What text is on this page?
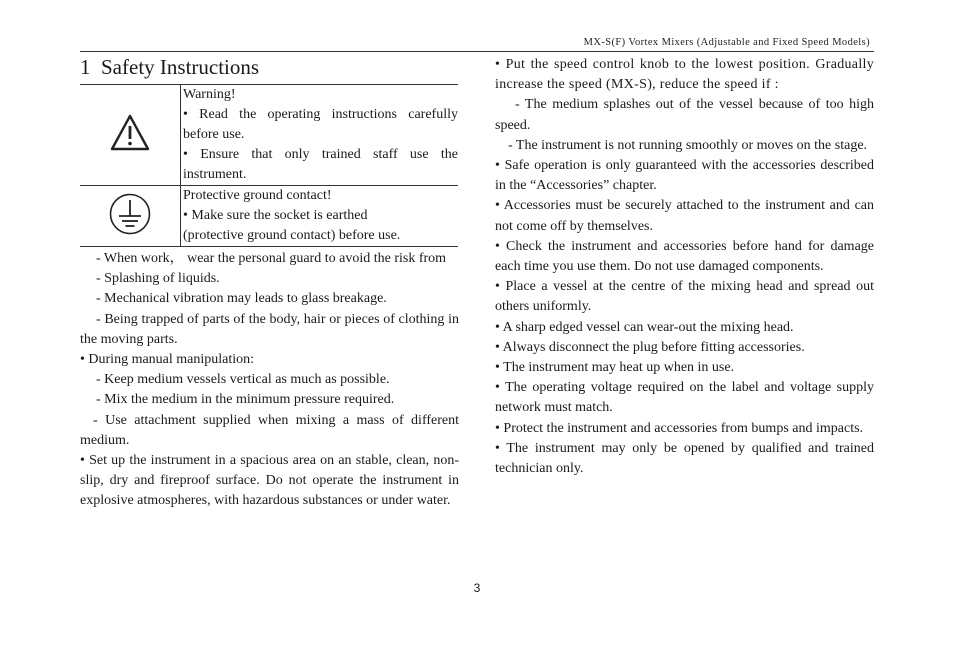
MX-S(F) Vortex Mixers (Adjustable and Fixed Speed Models)
1 Safety Instructions

Warning!
• Read the operating instructions carefully before use.
• Ensure that only trained staff use the instrument.

Protective ground contact!
• Make sure the socket is earthed
(protective ground contact) before use.

- When work， wear the personal guard to avoid the risk from

- Splashing of liquids.

- Mechanical vibration may leads to glass breakage.

- Being trapped of parts of the body, hair or pieces of clothing in the moving parts.

• During manual manipulation:

- Keep medium vessels vertical as much as possible.

- Mix the medium in the minimum pressure required.

- Use attachment supplied when mixing a mass of different medium.

• Set up the instrument in a spacious area on an stable, clean, non-slip, dry and fireproof surface. Do not operate the instrument in explosive atmospheres, with hazardous substances or under water.

• Put the speed control knob to the lowest position. Gradually increase the speed (MX-S), reduce the speed if :

- The medium splashes out of the vessel because of too high speed.

- The instrument is not running smoothly or moves on the stage.

• Safe operation is only guaranteed with the accessories described in the “Accessories” chapter.

• Accessories must be securely attached to the instrument and can not come off by themselves.

• Check the instrument and accessories before hand for damage each time you use them. Do not use damaged components.

• Place a vessel at the centre of the mixing head and spread out others uniformly.

• A sharp edged vessel can wear-out the mixing head.

• Always disconnect the plug before fitting accessories.

• The instrument may heat up when in use.

• The operating voltage required on the label and voltage supply network must match.

• Protect the instrument and accessories from bumps and impacts.

• The instrument may only be opened by qualified and trained technician only.

3
